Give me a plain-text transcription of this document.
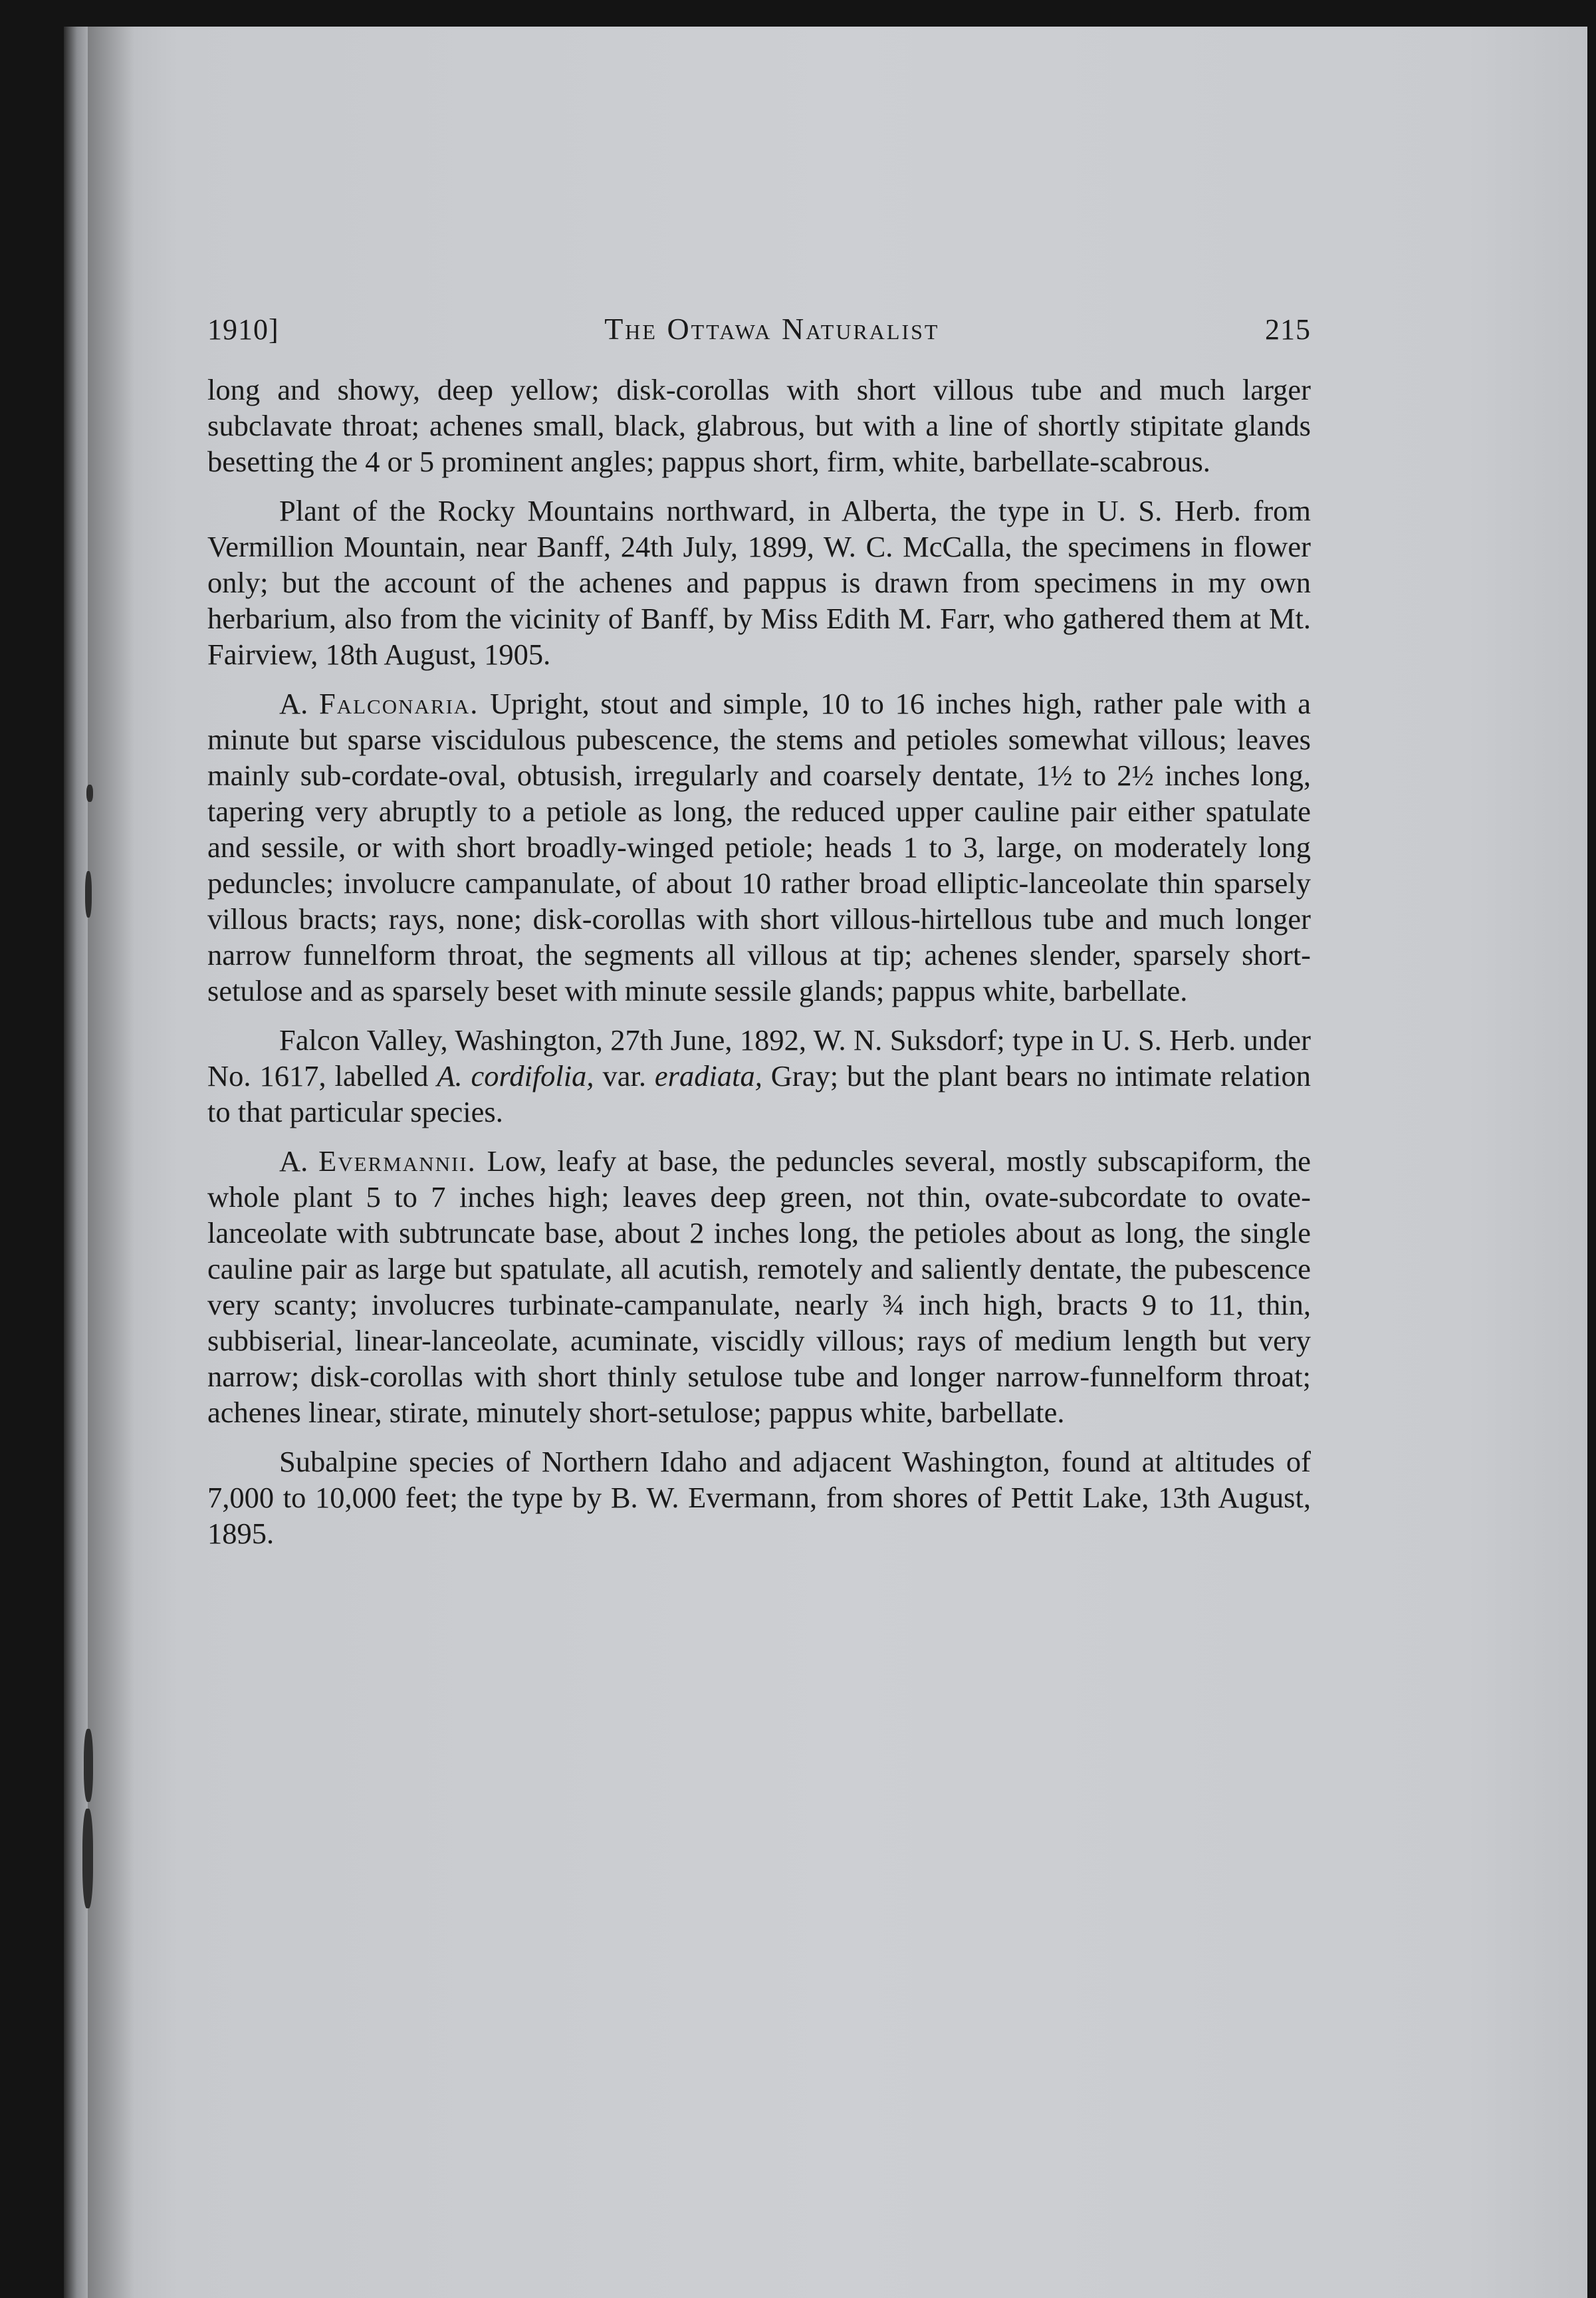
1910]	The Ottawa Naturalist	215

long and showy, deep yellow; disk-corollas with short villous tube and much larger subclavate throat; achenes small, black, glabrous, but with a line of shortly stipitate glands besetting the 4 or 5 prominent angles; pappus short, firm, white, barbellate-scabrous.

Plant of the Rocky Mountains northward, in Alberta, the type in U. S. Herb. from Vermillion Mountain, near Banff, 24th July, 1899, W. C. McCalla, the specimens in flower only; but the account of the achenes and pappus is drawn from specimens in my own herbarium, also from the vicinity of Banff, by Miss Edith M. Farr, who gathered them at Mt. Fairview, 18th August, 1905.

A. Falconaria. Upright, stout and simple, 10 to 16 inches high, rather pale with a minute but sparse viscidulous pubescence, the stems and petioles somewhat villous; leaves mainly sub-cordate-oval, obtusish, irregularly and coarsely dentate, 1½ to 2½ inches long, tapering very abruptly to a petiole as long, the reduced upper cauline pair either spatulate and sessile, or with short broadly-winged petiole; heads 1 to 3, large, on moderately long peduncles; involucre campanulate, of about 10 rather broad elliptic-lanceolate thin sparsely villous bracts; rays, none; disk-corollas with short villous-hirtellous tube and much longer narrow funnelform throat, the segments all villous at tip; achenes slender, sparsely short-setulose and as sparsely beset with minute sessile glands; pappus white, barbellate.

Falcon Valley, Washington, 27th June, 1892, W. N. Suksdorf; type in U. S. Herb. under No. 1617, labelled A. cordifolia, var. eradiata, Gray; but the plant bears no intimate relation to that particular species.

A. Evermannii. Low, leafy at base, the peduncles several, mostly subscapiform, the whole plant 5 to 7 inches high; leaves deep green, not thin, ovate-subcordate to ovate-lanceolate with subtruncate base, about 2 inches long, the petioles about as long, the single cauline pair as large but spatulate, all acutish, remotely and saliently dentate, the pubescence very scanty; involucres turbinate-campanulate, nearly ¾ inch high, bracts 9 to 11, thin, subbiserial, linear-lanceolate, acuminate, viscidly villous; rays of medium length but very narrow; disk-corollas with short thinly setulose tube and longer narrow-funnelform throat; achenes linear, stirate, minutely short-setulose; pappus white, barbellate.

Subalpine species of Northern Idaho and adjacent Washington, found at altitudes of 7,000 to 10,000 feet; the type by B. W. Evermann, from shores of Pettit Lake, 13th August, 1895.
